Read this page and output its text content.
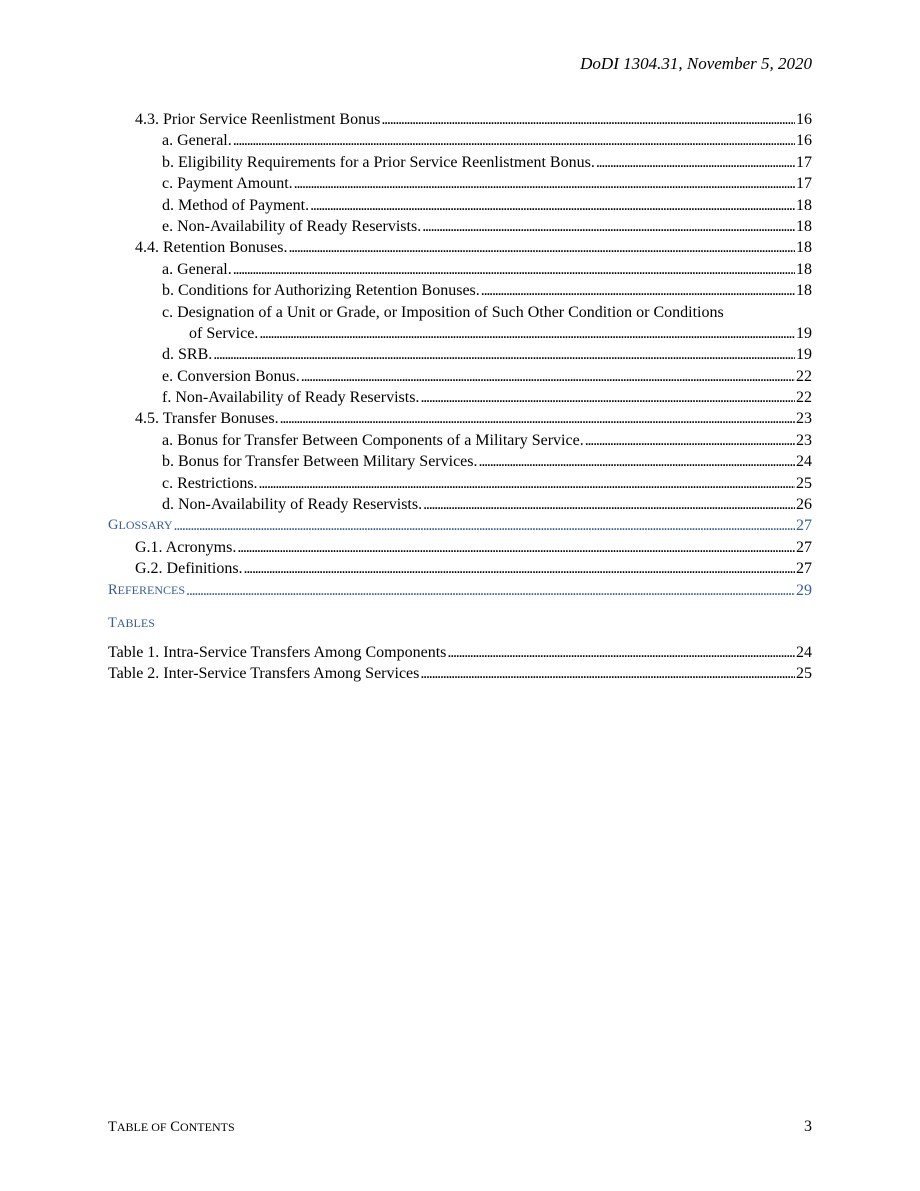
DoDI 1304.31, November 5, 2020
4.3. Prior Service Reenlistment Bonus . . .	16
a. General. . . .	16
b. Eligibility Requirements for a Prior Service Reenlistment Bonus. . . .	17
c. Payment Amount. . . .	17
d. Method of Payment. . . .	18
e. Non-Availability of Ready Reservists. . . .	18
4.4. Retention Bonuses. . . .	18
a. General. . . .	18
b. Conditions for Authorizing Retention Bonuses. . . .	18
c. Designation of a Unit or Grade, or Imposition of Such Other Condition or Conditions
of Service. . . .	19
d. SRB. . . .	19
e. Conversion Bonus. . . .	22
f. Non-Availability of Ready Reservists. . . .	22
4.5. Transfer Bonuses. . . .	23
a. Bonus for Transfer Between Components of a Military Service. . . .	23
b. Bonus for Transfer Between Military Services. . . .	24
c. Restrictions. . . .	25
d. Non-Availability of Ready Reservists. . . .	26
GLOSSARY . . .	27
G.1. Acronyms. . . .	27
G.2. Definitions. . . .	27
REFERENCES . . .	29
TABLES
Table 1. Intra-Service Transfers Among Components . . .	24
Table 2. Inter-Service Transfers Among Services . . .	25
TABLE OF CONTENTS	3
